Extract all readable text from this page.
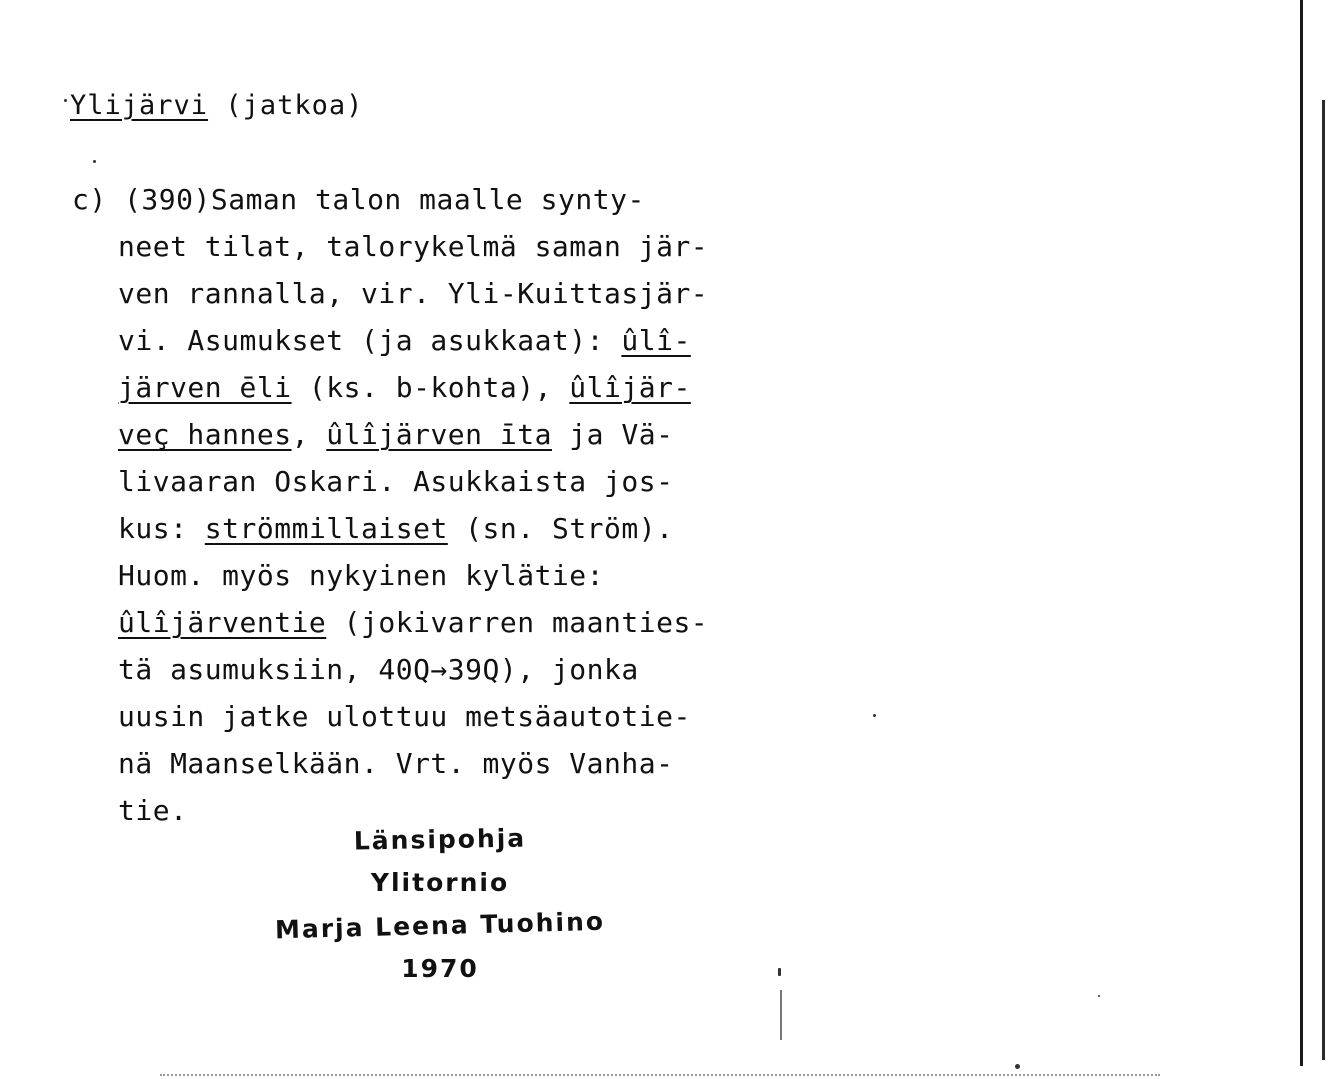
Ylijärvi (jatkoa)
c) (390)Saman talon maalle synty-
neet tilat, talorykelmä saman jär-
ven rannalla, vir. Yli-Kuittasjär-
vi. Asumukset (ja asukkaat): ûlî-
järven ēli (ks. b-kohta), ûlîjär-
veç hannes, ûlîjärven īta ja Vä-
livaaran Oskari. Asukkaista jos-
kus: strömmillaiset (sn. Ström).
Huom. myös nykyinen kylätie:
ûlîjärventie (jokivarren maanties-
tä asumuksiin, 40Q→39Q), jonka
uusin jatke ulottuu metsäautotie-
nä Maanselkään. Vrt. myös Vanha-
tie.
Länsipohja
Ylitornio
Marja Leena Tuohino
1970
